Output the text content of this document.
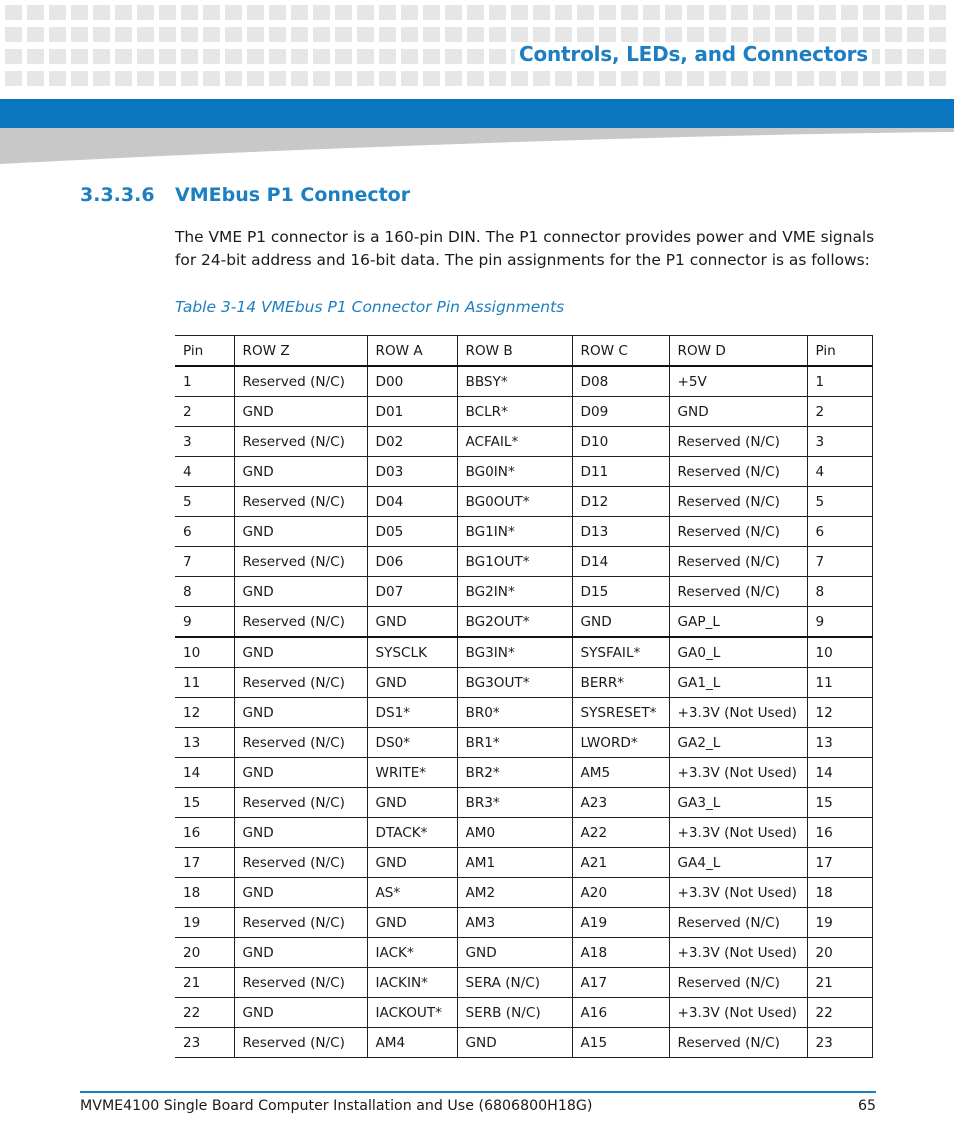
Controls, LEDs, and Connectors
3.3.3.6 VMEbus P1 Connector
The VME P1 connector is a 160-pin DIN. The P1 connector provides power and VME signals for 24-bit address and 16-bit data. The pin assignments for the P1 connector is as follows:
Table 3-14 VMEbus P1 Connector Pin Assignments
Pin	ROW Z	ROW A	ROW B	ROW C	ROW D	Pin
1	Reserved (N/C)	D00	BBSY*	D08	+5V	1
2	GND	D01	BCLR*	D09	GND	2
3	Reserved (N/C)	D02	ACFAIL*	D10	Reserved (N/C)	3
4	GND	D03	BG0IN*	D11	Reserved (N/C)	4
5	Reserved (N/C)	D04	BG0OUT*	D12	Reserved (N/C)	5
6	GND	D05	BG1IN*	D13	Reserved (N/C)	6
7	Reserved (N/C)	D06	BG1OUT*	D14	Reserved (N/C)	7
8	GND	D07	BG2IN*	D15	Reserved (N/C)	8
9	Reserved (N/C)	GND	BG2OUT*	GND	GAP_L	9
10	GND	SYSCLK	BG3IN*	SYSFAIL*	GA0_L	10
11	Reserved (N/C)	GND	BG3OUT*	BERR*	GA1_L	11
12	GND	DS1*	BR0*	SYSRESET*	+3.3V (Not Used)	12
13	Reserved (N/C)	DS0*	BR1*	LWORD*	GA2_L	13
14	GND	WRITE*	BR2*	AM5	+3.3V (Not Used)	14
15	Reserved (N/C)	GND	BR3*	A23	GA3_L	15
16	GND	DTACK*	AM0	A22	+3.3V (Not Used)	16
17	Reserved (N/C)	GND	AM1	A21	GA4_L	17
18	GND	AS*	AM2	A20	+3.3V (Not Used)	18
19	Reserved (N/C)	GND	AM3	A19	Reserved (N/C)	19
20	GND	IACK*	GND	A18	+3.3V (Not Used)	20
21	Reserved (N/C)	IACKIN*	SERA (N/C)	A17	Reserved (N/C)	21
22	GND	IACKOUT*	SERB (N/C)	A16	+3.3V (Not Used)	22
23	Reserved (N/C)	AM4	GND	A15	Reserved (N/C)	23
MVME4100 Single Board Computer Installation and Use (6806800H18G)	65
